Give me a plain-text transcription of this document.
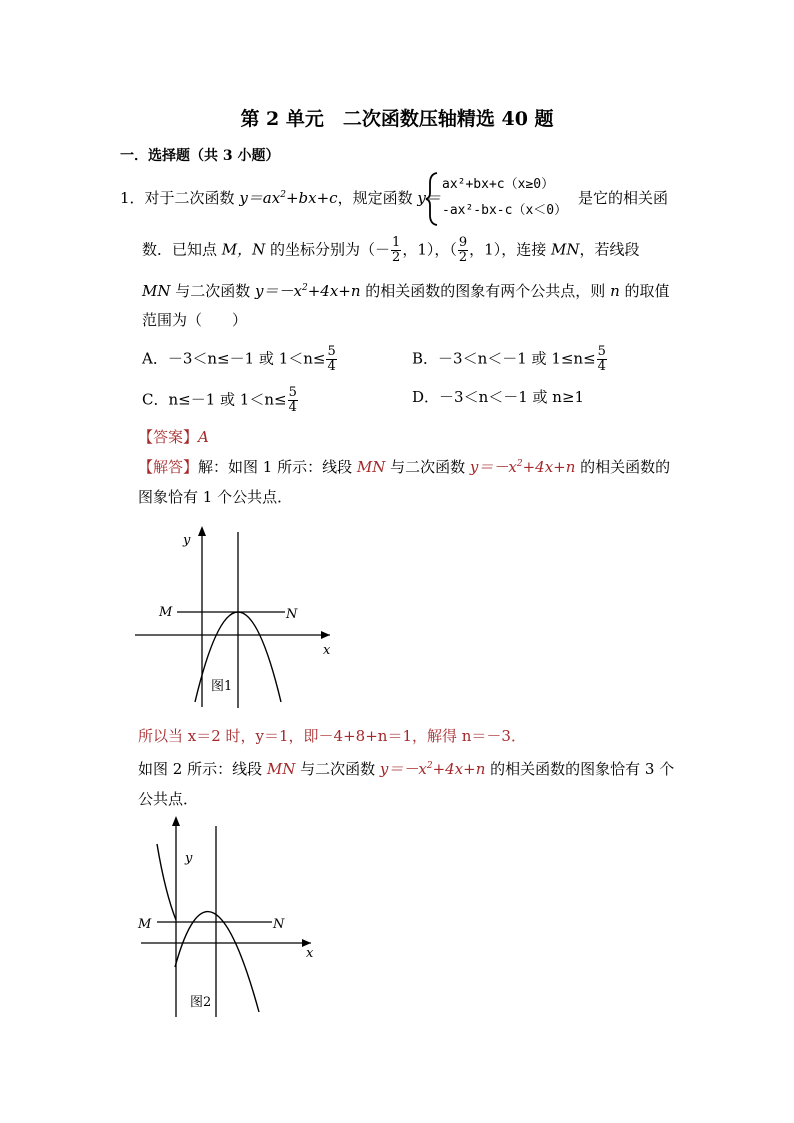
第 2 单元　二次函数压轴精选 40 题
一．选择题（共 3 小题）
1．对于二次函数 $y=ax^2+bx+c$，规定函数 y＝
ax²+bx+c（x≥0）
-ax²-bx-c（x＜0）
是它的相关函
数．已知点 M，N 的坐标分别为（－ $\frac{1}{2}$ ，1），（ $\frac{9}{2}$ ，1），连接 MN，若线段
MN 与二次函数 $y=-x^2+4x+n$ 的相关函数的图象有两个公共点，则 n 的取值
范围为（　　）
A．－3＜n≤－1 或 $1<n\le \frac{5}{4}$	B．－3＜n＜－1 或 $1\le n\le \frac{5}{4}$
C．n≤－1 或 $1<n\le \frac{5}{4}$	D．－3＜n＜－1 或 n≥1
【答案】A
【解答】解：如图 1 所示：线段 MN 与二次函数 $y=-x^2+4x+n$ 的相关函数的
图象恰有 1 个公共点．
y
x
M	N
图1
所以当 x＝2 时，y＝1，即－4+8+n＝1，解得 n＝－3．
如图 2 所示：线段 MN 与二次函数 $y=-x^2+4x+n$ 的相关函数的图象恰有 3 个
公共点．
y
x
M	N
图2
